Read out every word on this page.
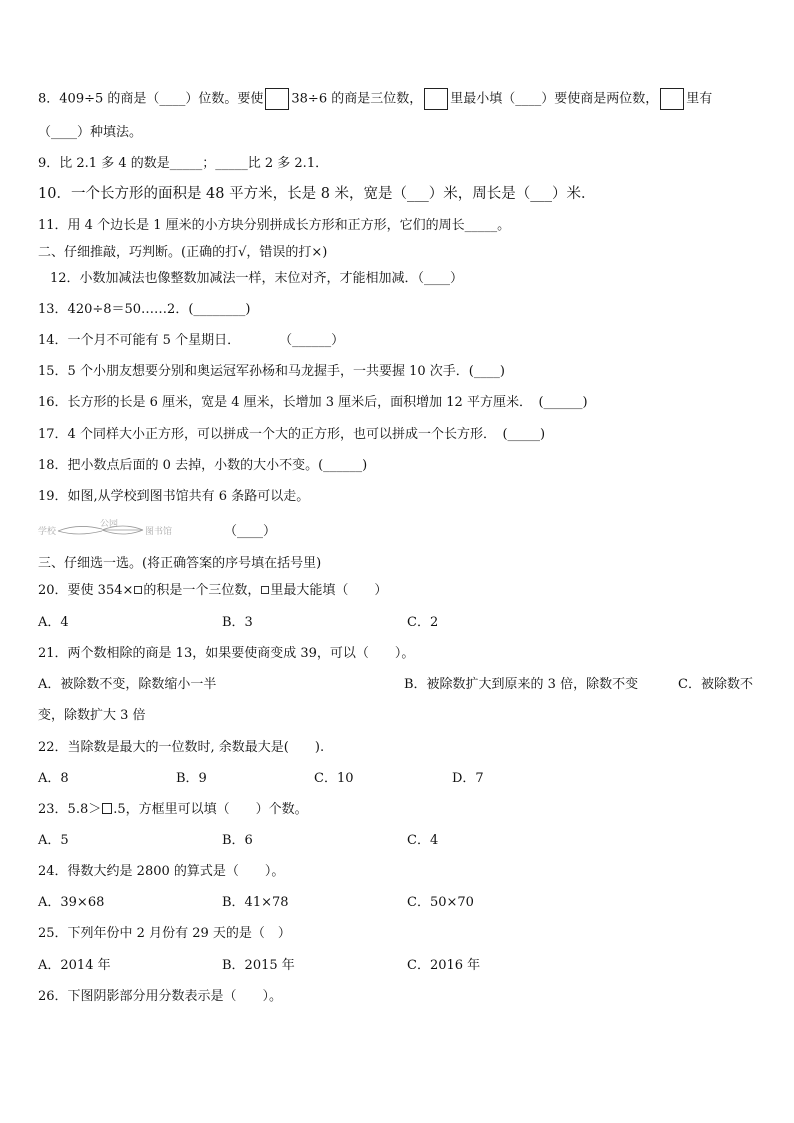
8．409÷5 的商是（____）位数。要使 38÷6 的商是三位数， 里最小填（____）要使商是两位数， 里有
（____）种填法。
9．比 2.1 多 4 的数是_____；_____比 2 多 2.1．
10．一个长方形的面积是 48 平方米，长是 8 米，宽是（___）米，周长是（___）米．
11．用 4 个边长是 1 厘米的小方块分别拼成长方形和正方形，它们的周长_____。
二、仔细推敲，巧判断。(正确的打√，错误的打×)
12．小数加减法也像整数加减法一样，末位对齐，才能相加减．（____）
13．420÷8＝50……2．(________)
14．一个月不可能有 5 个星期日．　　　　（______）
15．5 个小朋友想要分别和奥运冠军孙杨和马龙握手，一共要握 10 次手．(____)
16．长方形的长是 6 厘米，宽是 4 厘米，长增加 3 厘米后，面积增加 12 平方厘米．　(______)
17．4 个同样大小正方形，可以拼成一个大的正方形，也可以拼成一个长方形．　(_____)
18．把小数点后面的 0 去掉，小数的大小不变。(______)
19．如图,从学校到图书馆共有 6 条路可以走。
学校
公园
图书馆	（____）
三、仔细选一选。(将正确答案的序号填在括号里)
20．要使 354× 的积是一个三位数， 里最大能填（　　）
A．4	B．3	C．2
21．两个数相除的商是 13，如果要使商变成 39，可以（　　）。
A．被除数不变，除数缩小一半	B．被除数扩大到原来的 3 倍，除数不变	C．被除数不
变，除数扩大 3 倍
22．当除数是最大的一位数时, 余数最大是(　　).
A．8	B．9	C．10	D．7
23．5.8＞ .5，方框里可以填（　　）个数。
A．5	B．6	C．4
24．得数大约是 2800 的算式是（　　）。
A．39×68	B．41×78	C．50×70
25．下列年份中 2 月份有 29 天的是（　）
A．2014 年	B．2015 年	C．2016 年
26．下图阴影部分用分数表示是（　　）。
